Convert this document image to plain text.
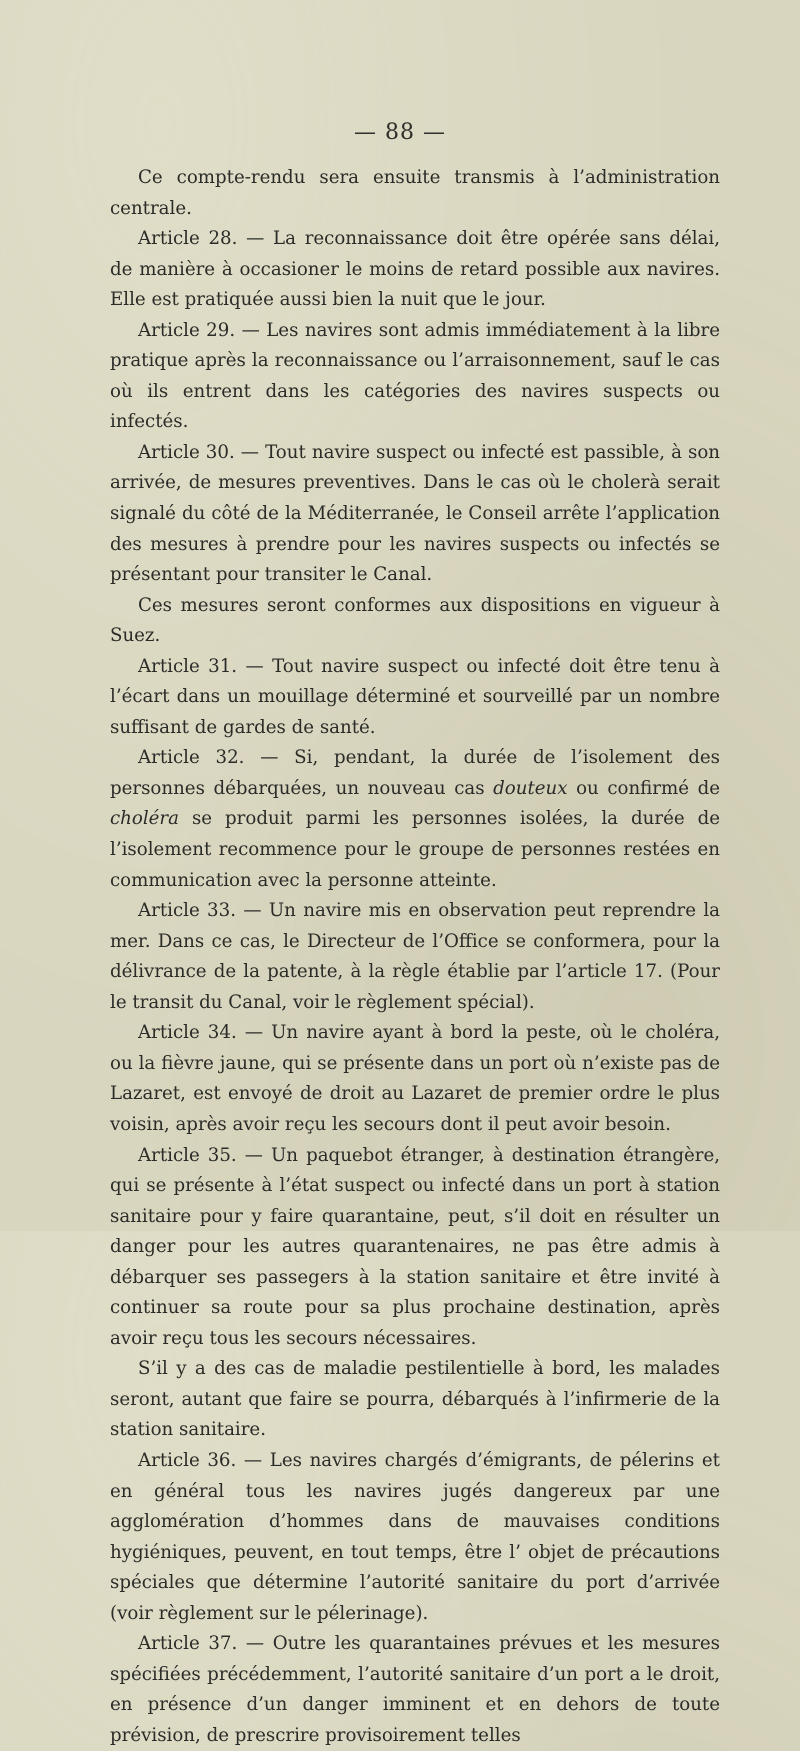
— 88 —

Ce compte-rendu sera ensuite transmis à l’administration centrale.

Article 28. — La reconnaissance doit être opérée sans délai, de manière à occasioner le moins de retard possible aux navires. Elle est pratiquée aussi bien la nuit que le jour.

Article 29. — Les navires sont admis immédiatement à la libre pratique après la reconnaissance ou l’arraisonnement, sauf le cas où ils entrent dans les catégories des navires suspects ou infectés.

Article 30. — Tout navire suspect ou infecté est passible, à son arrivée, de mesures preventives. Dans le cas où le cholerà serait signalé du côté de la Méditerranée, le Conseil arrête l’application des mesures à prendre pour les navires suspects ou infectés se présentant pour transiter le Canal.

Ces mesures seront conformes aux dispositions en vigueur à Suez.

Article 31. — Tout navire suspect ou infecté doit être tenu à l’écart dans un mouillage déterminé et sourveillé par un nombre suffisant de gardes de santé.

Article 32. — Si, pendant, la durée de l’isolement des personnes débarquées, un nouveau cas douteux ou confirmé de choléra se produit parmi les personnes isolées, la durée de l’isolement recommence pour le groupe de personnes restées en communication avec la personne atteinte.

Article 33. — Un navire mis en observation peut reprendre la mer. Dans ce cas, le Directeur de l’Office se conformera, pour la délivrance de la patente, à la règle établie par l’article 17. (Pour le transit du Canal, voir le règlement spécial).

Article 34. — Un navire ayant à bord la peste, où le choléra, ou la fièvre jaune, qui se présente dans un port où n’existe pas de Lazaret, est envoyé de droit au Lazaret de premier ordre le plus voisin, après avoir reçu les secours dont il peut avoir besoin.

Article 35. — Un paquebot étranger, à destination étrangère, qui se présente à l’état suspect ou infecté dans un port à station sanitaire pour y faire quarantaine, peut, s’il doit en résulter un danger pour les autres quarantenaires, ne pas être admis à débarquer ses passegers à la station sanitaire et être invité à continuer sa route pour sa plus prochaine destination, après avoir reçu tous les secours nécessaires.

S’il y a des cas de maladie pestilentielle à bord, les malades seront, autant que faire se pourra, débarqués à l’infirmerie de la station sanitaire.

Article 36. — Les navires chargés d’émigrants, de pélerins et en général tous les navires jugés dangereux par une agglomération d’hommes dans de mauvaises conditions hygiéniques, peuvent, en tout temps, être l’ objet de précautions spéciales que détermine l’autorité sanitaire du port d’arrivée (voir règlement sur le pélerinage).

Article 37. — Outre les quarantaines prévues et les mesures spécifiées précédemment, l’autorité sanitaire d’un port a le droit, en présence d’un danger imminent et en dehors de toute prévision, de prescrire provisoirement telles
